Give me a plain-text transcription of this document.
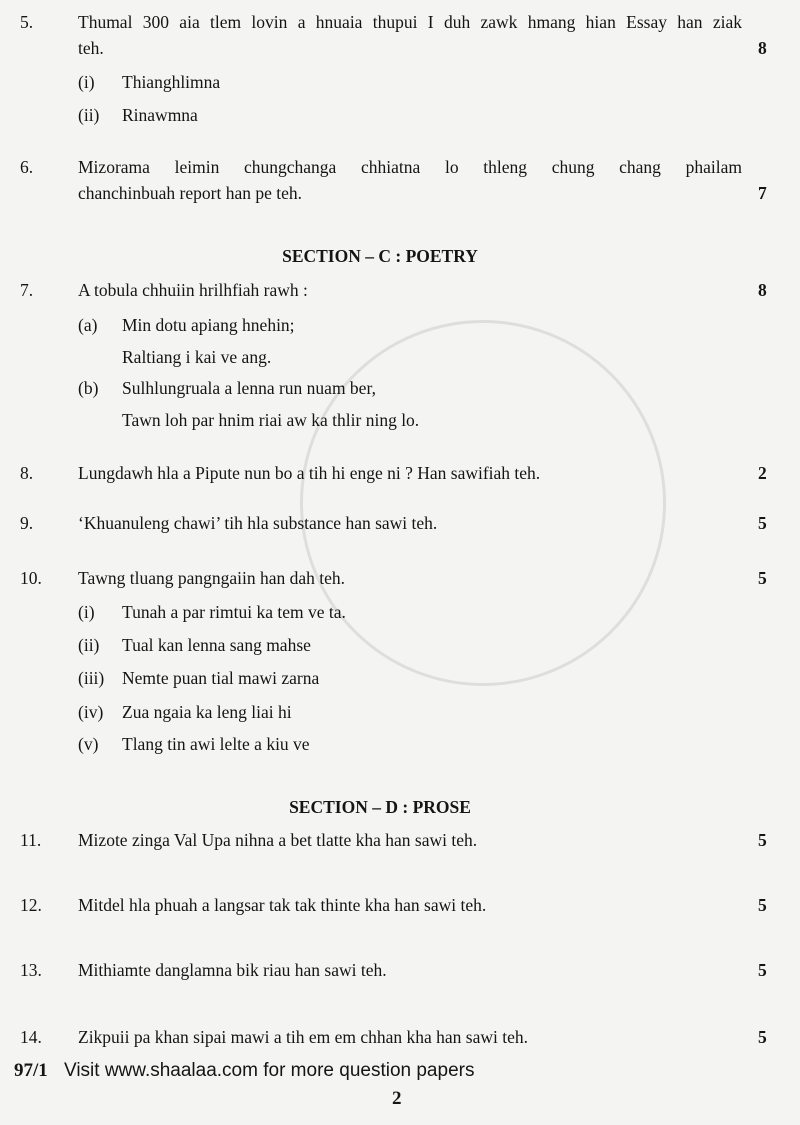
5.	Thumal 300 aia tlem lovin a hnuaia thupui I duh zawk hmang hian Essay han ziak
teh.	8
(i) Thianghlimna
(ii) Rinawmna
6.	Mizorama leimin chungchanga chhiatna lo thleng chung chang phailam
chanchinbuah report han pe teh.	7
7.	A tobula chhuiin hrilhfiah rawh :	8
(a) Min dotu apiang hnehin;
Raltiang i kai ve ang.
(b) Sulhlungruala a lenna run nuam ber,
Tawn loh par hnim riai aw ka thlir ning lo.
8.	Lungdawh hla a Pipute nun bo a tih hi enge ni ? Han sawifiah teh.	2
9.	‘Khuanuleng chawi’ tih hla substance han sawi teh.	5
10. Tawng tluang pangngaiin han dah teh.	5
(i) Tunah a par rimtui ka tem ve ta.
(ii) Tual kan lenna sang mahse
(iii) Nemte puan tial mawi zarna
(iv) Zua ngaia ka leng liai hi
(v) Tlang tin awi lelte a kiu ve
11. Mizote zinga Val Upa nihna a bet tlatte kha han sawi teh.	5
12. Mitdel hla phuah a langsar tak tak thinte kha han sawi teh.	5
13. Mithiamte danglamna bik riau han sawi teh.	5
14. Zikpuii pa khan sipai mawi a tih em em chhan kha han sawi teh.	5
SECTION – C : POETRY
SECTION – D : PROSE
97/1 Visit www.shaalaa.com for more question papers
2
